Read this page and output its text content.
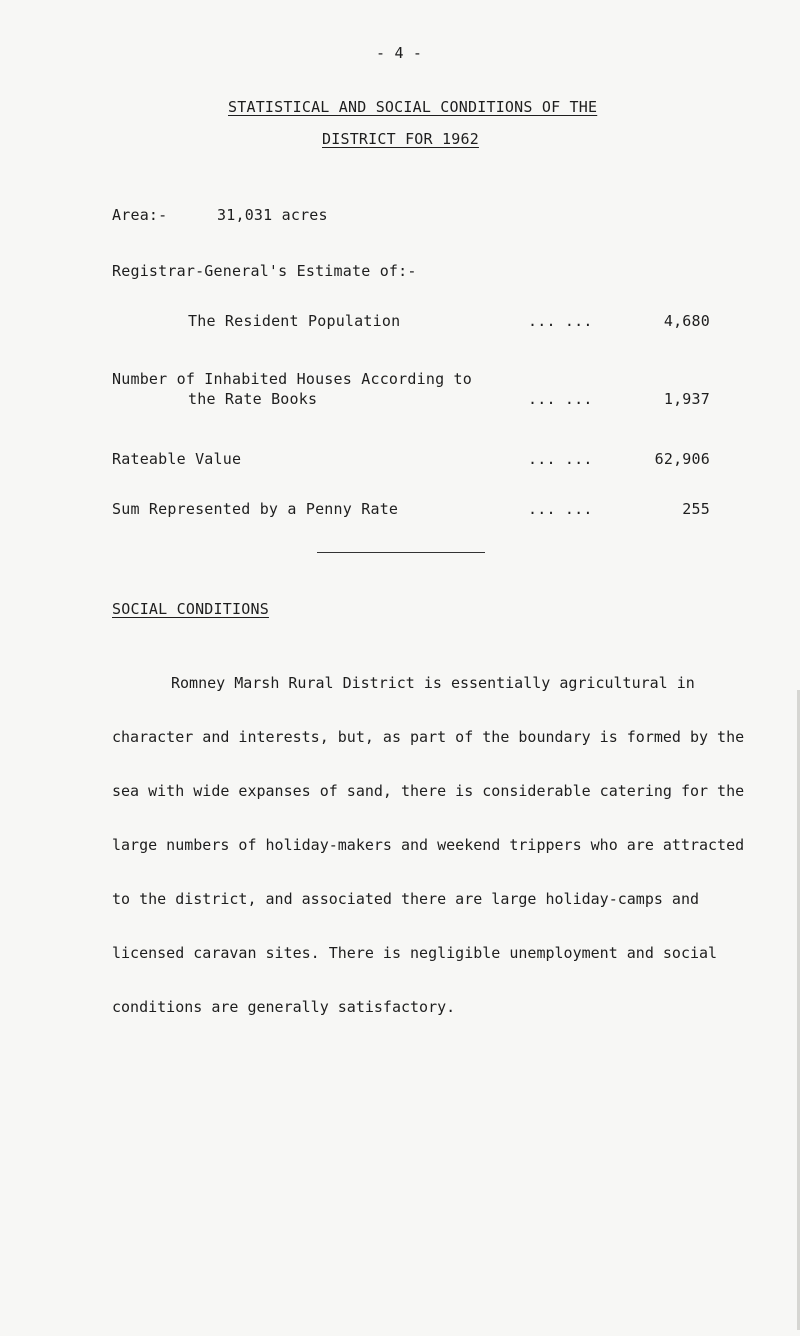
- 4 -
STATISTICAL AND SOCIAL CONDITIONS OF THE
DISTRICT FOR 1962
Area:-	31,031 acres
Registrar-General's Estimate of:-
The Resident Population	... ...	4,680
Number of Inhabited Houses According to
the Rate Books	... ...	1,937
Rateable Value	... ...	62,906
Sum Represented by a Penny Rate	... ...	255
SOCIAL CONDITIONS

Romney Marsh Rural District is essentially agricultural in

character and interests, but, as part of the boundary is formed by the

sea with wide expanses of sand, there is considerable catering for the

large numbers of holiday-makers and weekend trippers who are attracted

to the district, and associated there are large holiday-camps and

licensed caravan sites. There is negligible unemployment and social

conditions are generally satisfactory.
